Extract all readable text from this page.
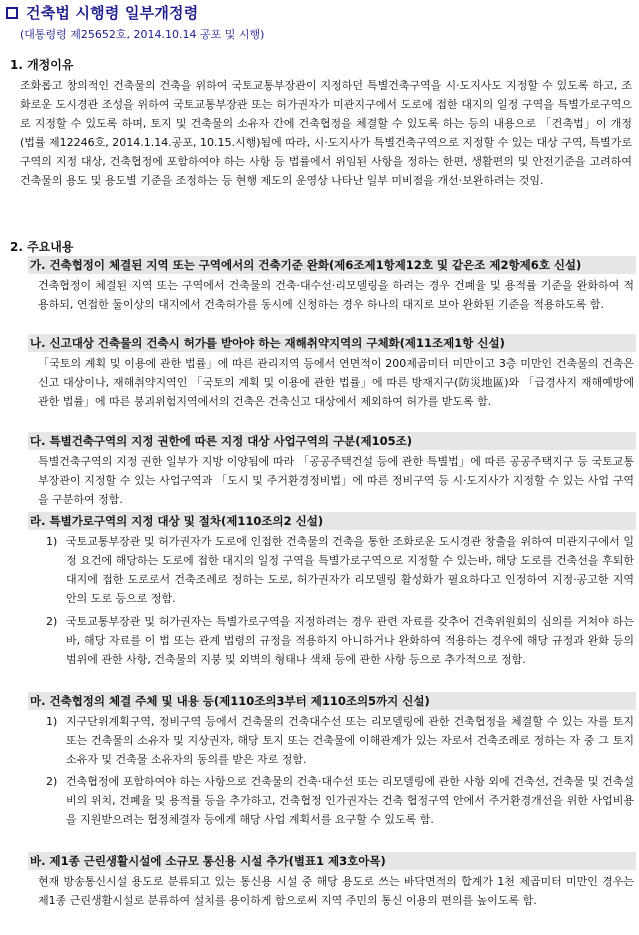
건축법 시행령 일부개정령
(대통령령 제25652호, 2014.10.14 공포 및 시행)
1. 개정이유
조화롭고 창의적인 건축물의 건축을 위하여 국토교통부장관이 지정하던 특별건축구역을 시·도지사도 지정할 수 있도록 하고, 조화로운 도시경관 조성을 위하여 국토교통부장관 또는 허가권자가 미관지구에서 도로에 접한 대지의 일정 구역을 특별가로구역으로 지정할 수 있도록 하며, 토지 및 건축물의 소유자 간에 건축협정을 체결할 수 있도록 하는 등의 내용으로 「건축법」이 개정(법률 제12246호, 2014.1.14.공포, 10.15.시행)됨에 따라, 시·도지사가 특별건축구역으로 지정할 수 있는 대상 구역, 특별가로구역의 지정 대상, 건축협정에 포함하여야 하는 사항 등 법률에서 위임된 사항을 정하는 한편, 생활편의 및 안전기준을 고려하여 건축물의 용도 및 용도별 기준을 조정하는 등 현행 제도의 운영상 나타난 일부 미비점을 개선·보완하려는 것임.
2. 주요내용
가. 건축협정이 체결된 지역 또는 구역에서의 건축기준 완화(제6조제1항제12호 및 같은조 제2항제6호 신설)
건축협정이 체결된 지역 또는 구역에서 건축물의 건축·대수선·리모델링을 하려는 경우 건폐율 및 용적률 기준을 완화하여 적용하되, 연접한 둘이상의 대지에서 건축허가를 동시에 신청하는 경우 하나의 대지로 보아 완화된 기준을 적용하도록 함.
나. 신고대상 건축물의 건축시 허가를 받아야 하는 재해취약지역의 구체화(제11조제1항 신설)
「국토의 계획 및 이용에 관한 법률」에 따른 관리지역 등에서 연면적이 200제곱미터 미만이고 3층 미만인 건축물의 건축은 신고 대상이나, 재해취약지역인 「국토의 계획 및 이용에 관한 법률」에 따른 방재지구(防災地區)와 「급경사지 재해예방에 관한 법률」에 따른 붕괴위험지역에서의 건축은 건축신고 대상에서 제외하여 허가를 받도록 함.
다. 특별건축구역의 지정 권한에 따른 지정 대상 사업구역의 구분(제105조)
특별건축구역의 지정 권한 일부가 지방 이양됨에 따라 「공공주택건설 등에 관한 특별법」에 따른 공공주택지구 등 국토교통부장관이 지정할 수 있는 사업구역과 「도시 및 주거환경정비법」에 따른 정비구역 등 시·도지사가 지정할 수 있는 사업 구역을 구분하여 정함.
라. 특별가로구역의 지정 대상 및 절차(제110조의2 신설)
1) 국토교통부장관 및 허가권자가 도로에 인접한 건축물의 건축을 통한 조화로운 도시경관 창출을 위하여 미관지구에서 일정 요건에 해당하는 도로에 접한 대지의 일정 구역을 특별가로구역으로 지정할 수 있는바, 해당 도로를 건축선을 후퇴한 대지에 접한 도로로서 건축조례로 정하는 도로, 허가권자가 리모델링 활성화가 필요하다고 인정하여 지정·공고한 지역 안의 도로 등으로 정함.
2) 국토교통부장관 및 허가권자는 특별가로구역을 지정하려는 경우 관련 자료를 갖추어 건축위원회의 심의를 거쳐야 하는바, 해당 자료를 이 법 또는 관계 법령의 규정을 적용하지 아니하거나 완화하여 적용하는 경우에 해당 규정과 완화 등의 범위에 관한 사항, 건축물의 지붕 및 외벽의 형태나 색채 등에 관한 사항 등으로 추가적으로 정함.
마. 건축협정의 체결 주체 및 내용 등(제110조의3부터 제110조의5까지 신설)
1) 지구단위계획구역, 정비구역 등에서 건축물의 건축대수선 또는 리모델링에 관한 건축협정을 체결할 수 있는 자를 토지 또는 건축물의 소유자 및 지상권자, 해당 토지 또는 건축물에 이해관계가 있는 자로서 건축조례로 정하는 자 중 그 토지 소유자 및 건축물 소유자의 동의를 받은 자로 정함.
2) 건축협정에 포함하여야 하는 사항으로 건축물의 건축·대수선 또는 리모델링에 관한 사항 외에 건축선, 건축물 및 건축설비의 위치, 건폐율 및 용적률 등을 추가하고, 건축협정 인가권자는 건축 협정구역 안에서 주거환경개선을 위한 사업비용을 지원받으려는 협정체결자 등에게 해당 사업 계획서를 요구할 수 있도록 함.
바. 제1종 근린생활시설에 소규모 통신용 시설 추가(별표1 제3호아목)
현재 방송통신시설 용도로 분류되고 있는 통신용 시설 중 해당 용도로 쓰는 바닥면적의 합계가 1천 제곱미터 미만인 경우는 제1종 근린생활시설로 분류하여 설치를 용이하게 함으로써 지역 주민의 통신 이용의 편의를 높이도록 함.
